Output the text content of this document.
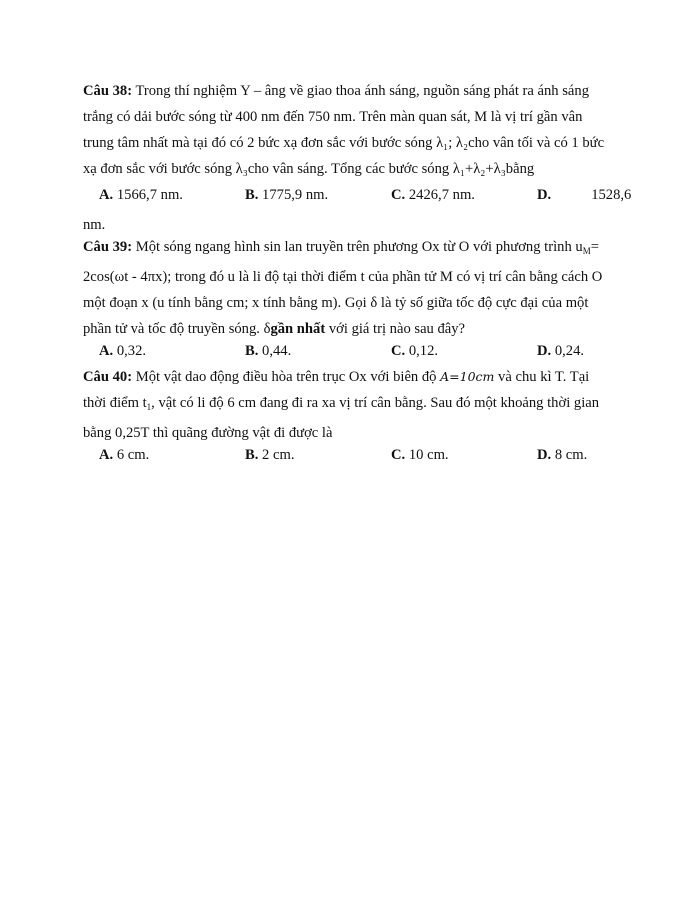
Câu 38: Trong thí nghiệm Y – âng về giao thoa ánh sáng, nguồn sáng phát ra ánh sáng
trắng có dải bước sóng từ 400 nm đến 750 nm. Trên màn quan sát, M là vị trí gần vân
trung tâm nhất mà tại đó có 2 bức xạ đơn sắc với bước sóng λ₁; λ₂cho vân tối và có 1 bức
xạ đơn sắc với bước sóng λ₃cho vân sáng. Tổng các bước sóng λ₁+λ₂+λ₃bằng
A. 1566,7 nm.	B. 1775,9 nm.	C. 2426,7 nm.	D.	1528,6
nm.
Câu 39: Một sóng ngang hình sin lan truyền trên phương Ox từ O với phương trình $u_M=$
2cos(ωt - 4πx); trong đó u là li độ tại thời điểm t của phần tử M có vị trí cân bằng cách O
một đoạn x (u tính bằng cm; x tính bằng m). Gọi δ là tỷ số giữa tốc độ cực đại của một
phần tử và tốc độ truyền sóng. δgần nhất với giá trị nào sau đây?
A. 0,32.	B. 0,44.	C. 0,12.	D. 0,24.
Câu 40: Một vật dao động điều hòa trên trục Ox với biên độ A=10cm và chu kì T. Tại
thời điểm $t_1$, vật có li độ 6 cm đang đi ra xa vị trí cân bằng. Sau đó một khoảng thời gian
bằng 0,25T thì quãng đường vật đi được là
A. 6 cm.	B. 2 cm.	C. 10 cm.	D. 8 cm.
